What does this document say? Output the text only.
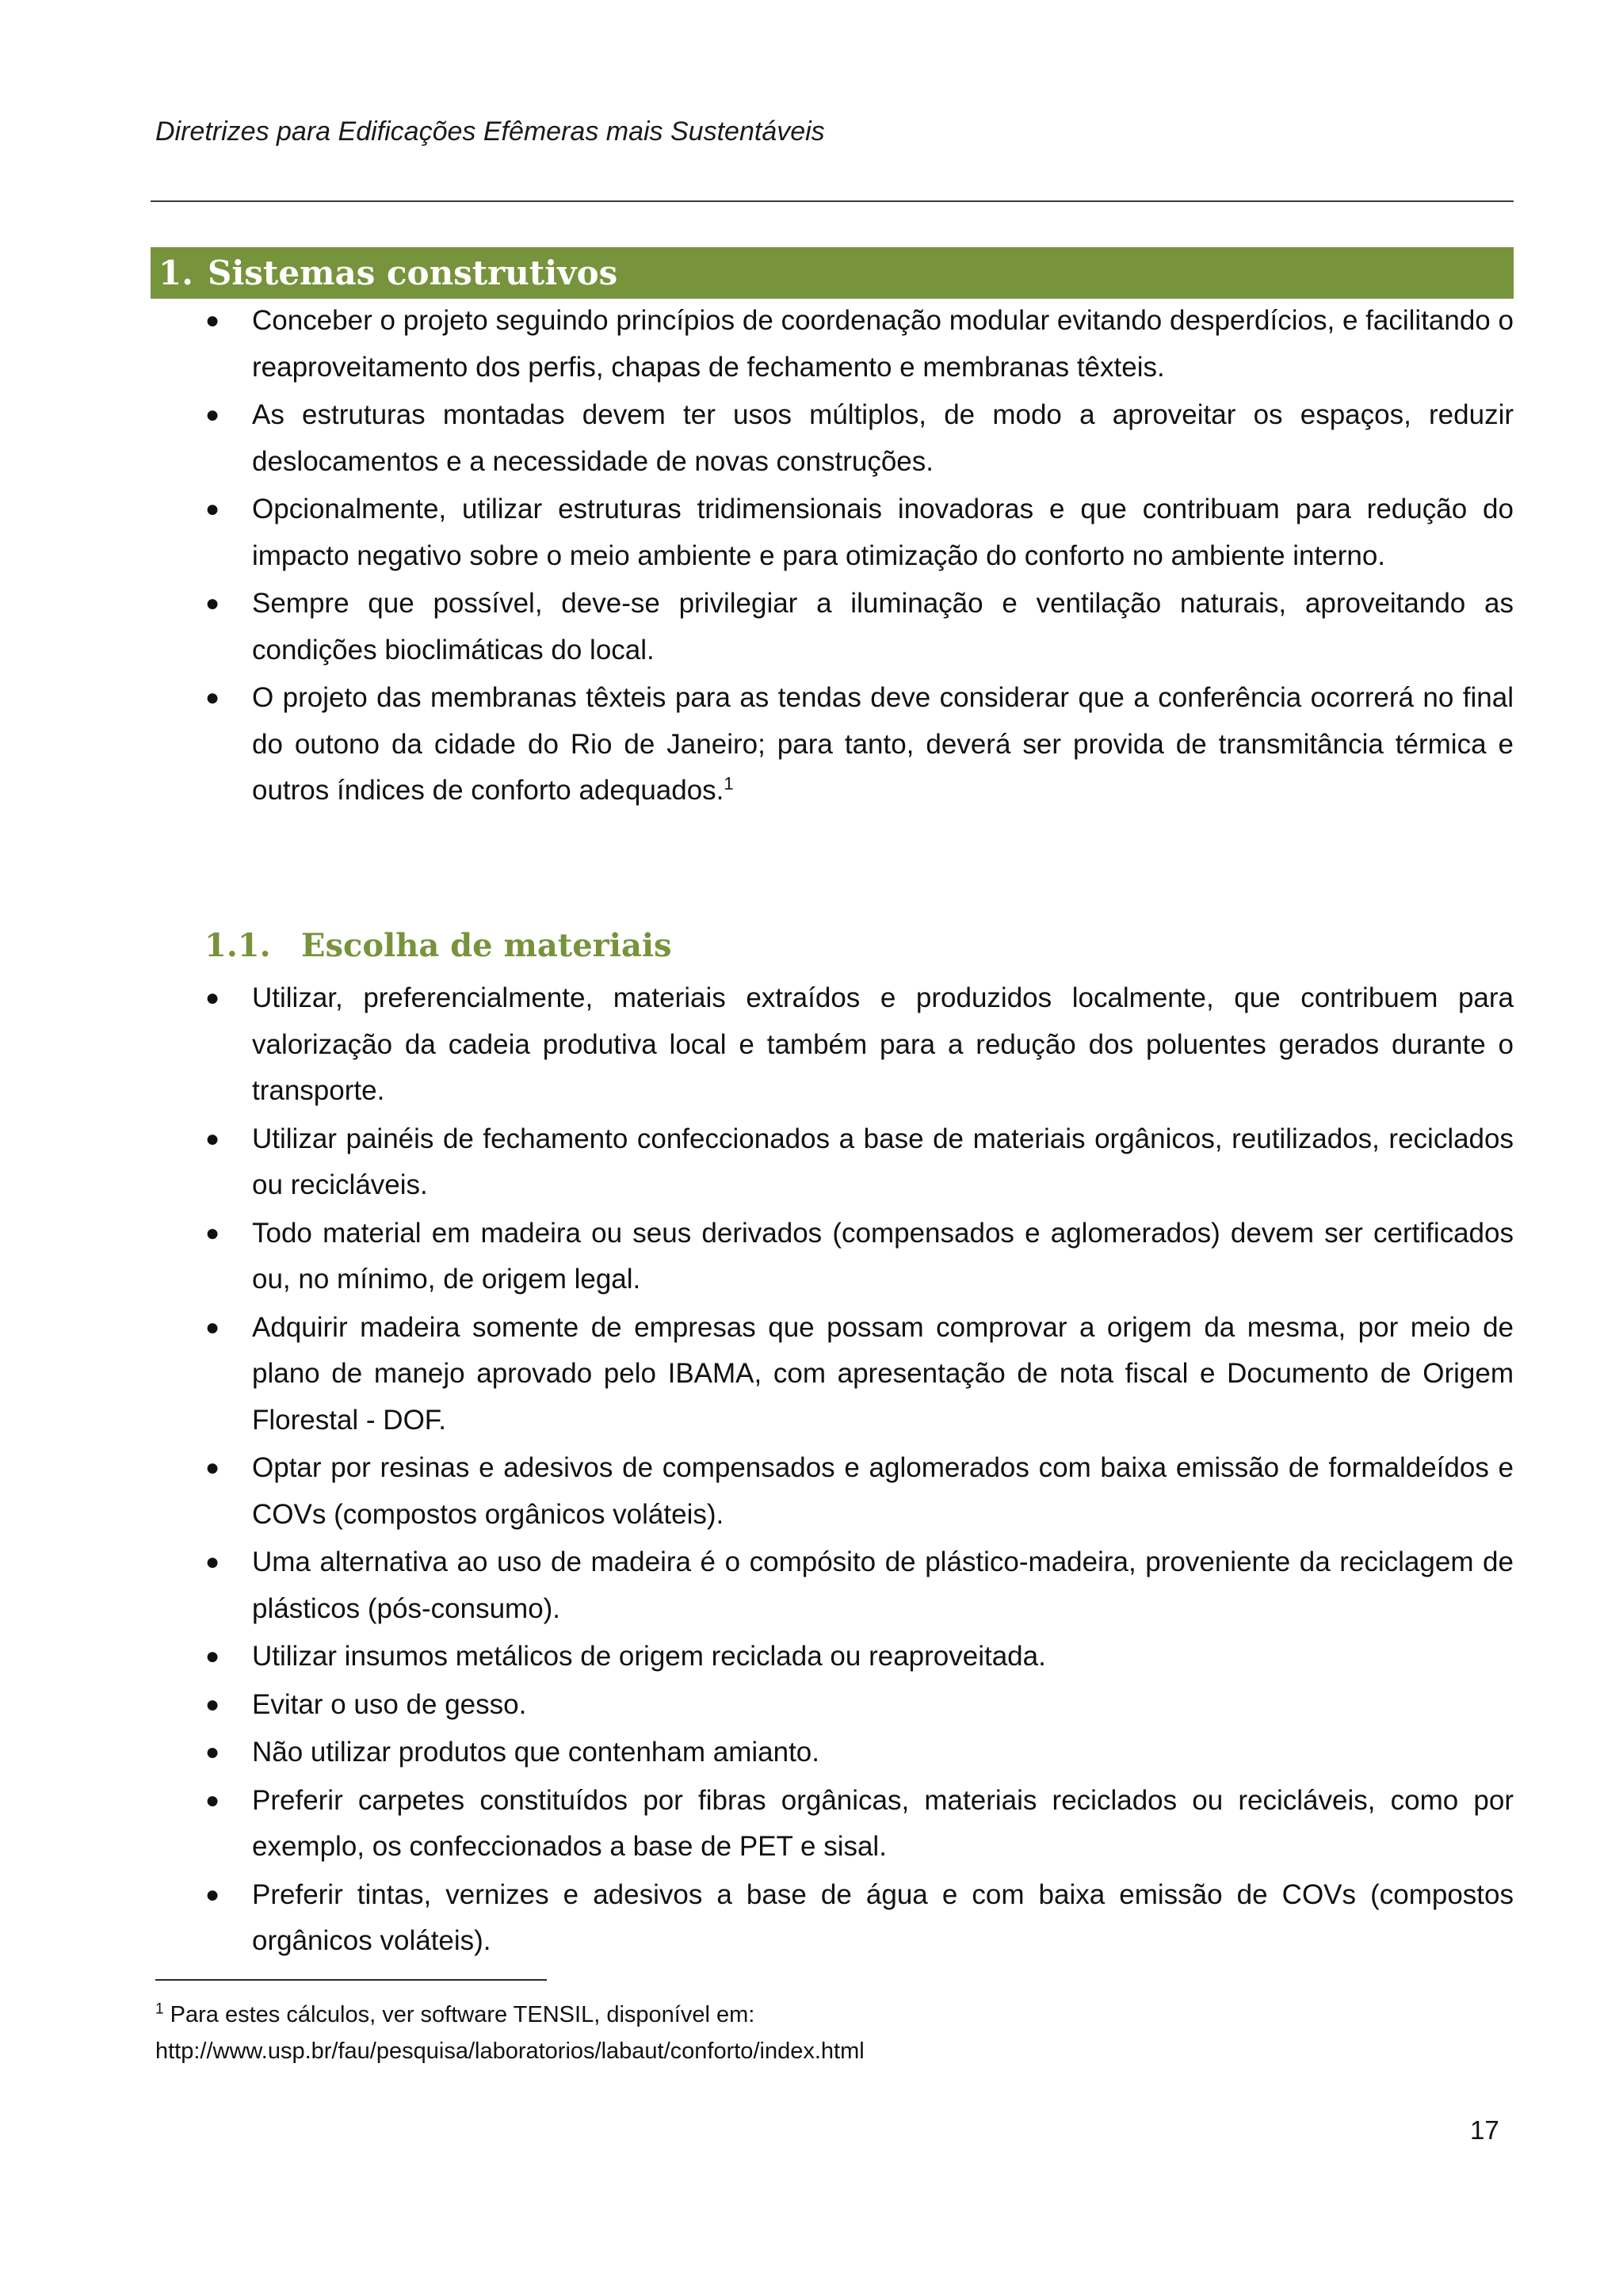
Diretrizes para Edificações Efêmeras mais Sustentáveis
1. Sistemas construtivos
● Conceber o projeto seguindo princípios de coordenação modular evitando desperdícios, e facilitando o reaproveitamento dos perfis, chapas de fechamento e membranas têxteis.
● As estruturas montadas devem ter usos múltiplos, de modo a aproveitar os espaços, reduzir deslocamentos e a necessidade de novas construções.
● Opcionalmente, utilizar estruturas tridimensionais inovadoras e que contribuam para redução do impacto negativo sobre o meio ambiente e para otimização do conforto no ambiente interno.
● Sempre que possível, deve-se privilegiar a iluminação e ventilação naturais, aproveitando as condições bioclimáticas do local.
● O projeto das membranas têxteis para as tendas deve considerar que a conferência ocorrerá no final do outono da cidade do Rio de Janeiro; para tanto, deverá ser provida de transmitância térmica e outros índices de conforto adequados.$^1$
1.1. Escolha de materiais
● Utilizar, preferencialmente, materiais extraídos e produzidos localmente, que contribuem para valorização da cadeia produtiva local e também para a redução dos poluentes gerados durante o transporte.
● Utilizar painéis de fechamento confeccionados a base de materiais orgânicos, reutilizados, reciclados ou recicláveis.
● Todo material em madeira ou seus derivados (compensados e aglomerados) devem ser certificados ou, no mínimo, de origem legal.
● Adquirir madeira somente de empresas que possam comprovar a origem da mesma, por meio de plano de manejo aprovado pelo IBAMA, com apresentação de nota fiscal e Documento de Origem Florestal - DOF.
● Optar por resinas e adesivos de compensados e aglomerados com baixa emissão de formaldeídos e COVs (compostos orgânicos voláteis).
● Uma alternativa ao uso de madeira é o compósito de plástico-madeira, proveniente da reciclagem de plásticos (pós-consumo).
● Utilizar insumos metálicos de origem reciclada ou reaproveitada.
● Evitar o uso de gesso.
● Não utilizar produtos que contenham amianto.
● Preferir carpetes constituídos por fibras orgânicas, materiais reciclados ou recicláveis, como por exemplo, os confeccionados a base de PET e sisal.
● Preferir tintas, vernizes e adesivos a base de água e com baixa emissão de COVs (compostos orgânicos voláteis).
$^1$ Para estes cálculos, ver software TENSIL, disponível em:
http://www.usp.br/fau/pesquisa/laboratorios/labaut/conforto/index.html
17
